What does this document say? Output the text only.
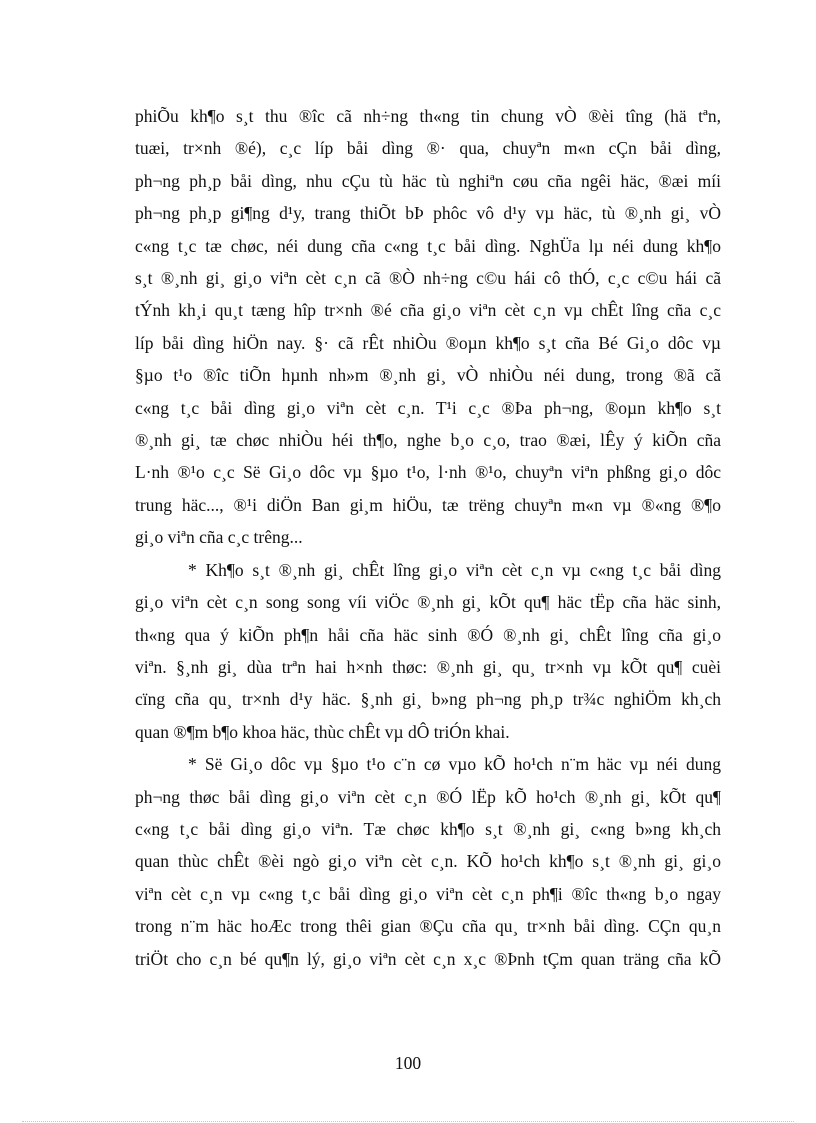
phiÕu kh¶o s¸t thu ®îc cã nh÷ng th«ng tin chung vÒ ®èi tîng (hä tªn,
tuæi, tr×nh ®é), c¸c líp båi dìng ®· qua, chuyªn m«n cÇn båi dìng,
ph¬ng ph¸p båi dìng, nhu cÇu tù häc tù nghiªn cøu cña ngêi häc, ®æi míi
ph¬ng ph¸p gi¶ng d¹y, trang thiÕt bÞ phôc vô d¹y vµ häc, tù ®¸nh gi¸ vÒ
c«ng t¸c tæ chøc, néi dung cña c«ng t¸c båi dìng. NghÜa lµ néi dung kh¶o
s¸t ®¸nh gi¸ gi¸o viªn cèt c¸n cã ®Ò nh÷ng c©u hái cô thÓ, c¸c c©u hái cã
tÝnh kh¸i qu¸t tæng hîp tr×nh ®é cña gi¸o viªn cèt c¸n vµ chÊt lîng cña c¸c
líp båi dìng hiÖn nay. §· cã rÊt nhiÒu ®oµn kh¶o s¸t cña Bé Gi¸o dôc vµ
§µo t¹o ®îc tiÕn hµnh nh»m ®¸nh gi¸ vÒ nhiÒu néi dung, trong ®ã cã
c«ng t¸c båi dìng gi¸o viªn cèt c¸n. T¹i c¸c ®Þa ph¬ng, ®oµn kh¶o s¸t
®¸nh gi¸ tæ chøc nhiÒu héi th¶o, nghe b¸o c¸o, trao ®æi, lÊy ý kiÕn cña
L·nh ®¹o c¸c Së Gi¸o dôc vµ §µo t¹o, l·nh ®¹o, chuyªn viªn phßng gi¸o dôc
trung häc..., ®¹i diÖn Ban gi¸m hiÖu, tæ trëng chuyªn m«n vµ ®«ng ®¶o
gi¸o viªn cña c¸c trêng...

* Kh¶o s¸t ®¸nh gi¸ chÊt lîng gi¸o viªn cèt c¸n vµ c«ng t¸c båi dìng
gi¸o viªn cèt c¸n song song víi viÖc ®¸nh gi¸ kÕt qu¶ häc tËp cña häc sinh,
th«ng qua ý kiÕn ph¶n håi cña häc sinh ®Ó ®¸nh gi¸ chÊt lîng cña gi¸o
viªn. §¸nh gi¸ dùa trªn hai h×nh thøc: ®¸nh gi¸ qu¸ tr×nh vµ kÕt qu¶ cuèi
cïng cña qu¸ tr×nh d¹y häc. §¸nh gi¸ b»ng ph¬ng ph¸p tr¾c nghiÖm kh¸ch
quan ®¶m b¶o khoa häc, thùc chÊt vµ dÔ triÓn khai.

* Së Gi¸o dôc vµ §µo t¹o c¨n cø vµo kÕ ho¹ch n¨m häc vµ néi dung
ph¬ng thøc båi dìng gi¸o viªn cèt c¸n ®Ó lËp kÕ ho¹ch ®¸nh gi¸ kÕt qu¶
c«ng t¸c båi dìng gi¸o viªn. Tæ chøc kh¶o s¸t ®¸nh gi¸ c«ng b»ng kh¸ch
quan thùc chÊt ®èi ngò gi¸o viªn cèt c¸n. KÕ ho¹ch kh¶o s¸t ®¸nh gi¸ gi¸o
viªn cèt c¸n vµ c«ng t¸c båi dìng gi¸o viªn cèt c¸n ph¶i ®îc th«ng b¸o ngay
trong n¨m häc hoÆc trong thêi gian ®Çu cña qu¸ tr×nh båi dìng. CÇn qu¸n
triÖt cho c¸n bé qu¶n lý, gi¸o viªn cèt c¸n x¸c ®Þnh tÇm quan träng cña kÕ

100
